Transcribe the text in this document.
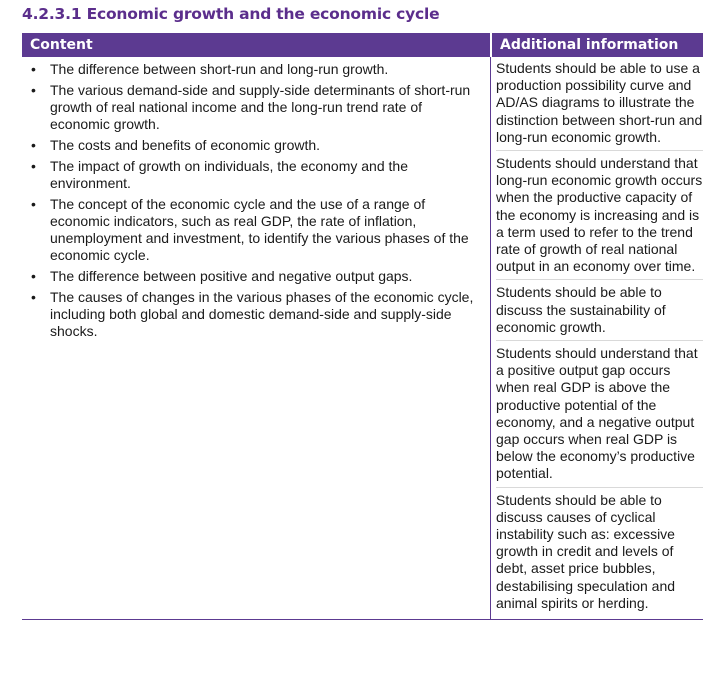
4.2.3.1 Economic growth and the economic cycle
Content	Additional information
• The difference between short-run and long-run growth.
• The various demand-side and supply-side determinants of short-run growth of real national income and the long-run trend rate of economic growth.
• The costs and benefits of economic growth.
• The impact of growth on individuals, the economy and the environment.
• The concept of the economic cycle and the use of a range of economic indicators, such as real GDP, the rate of inflation, unemployment and investment, to identify the various phases of the economic cycle.
• The difference between positive and negative output gaps.
• The causes of changes in the various phases of the economic cycle, including both global and domestic demand-side and supply-side shocks.
Students should be able to use a production possibility curve and AD/AS diagrams to illustrate the distinction between short-run and long-run economic growth.
Students should understand that long-run economic growth occurs when the productive capacity of the economy is increasing and is a term used to refer to the trend rate of growth of real national output in an economy over time.
Students should be able to discuss the sustainability of economic growth.
Students should understand that a positive output gap occurs when real GDP is above the productive potential of the economy, and a negative output gap occurs when real GDP is below the economy’s productive potential.
Students should be able to discuss causes of cyclical instability such as: excessive growth in credit and levels of debt, asset price bubbles, destabilising speculation and animal spirits or herding.
